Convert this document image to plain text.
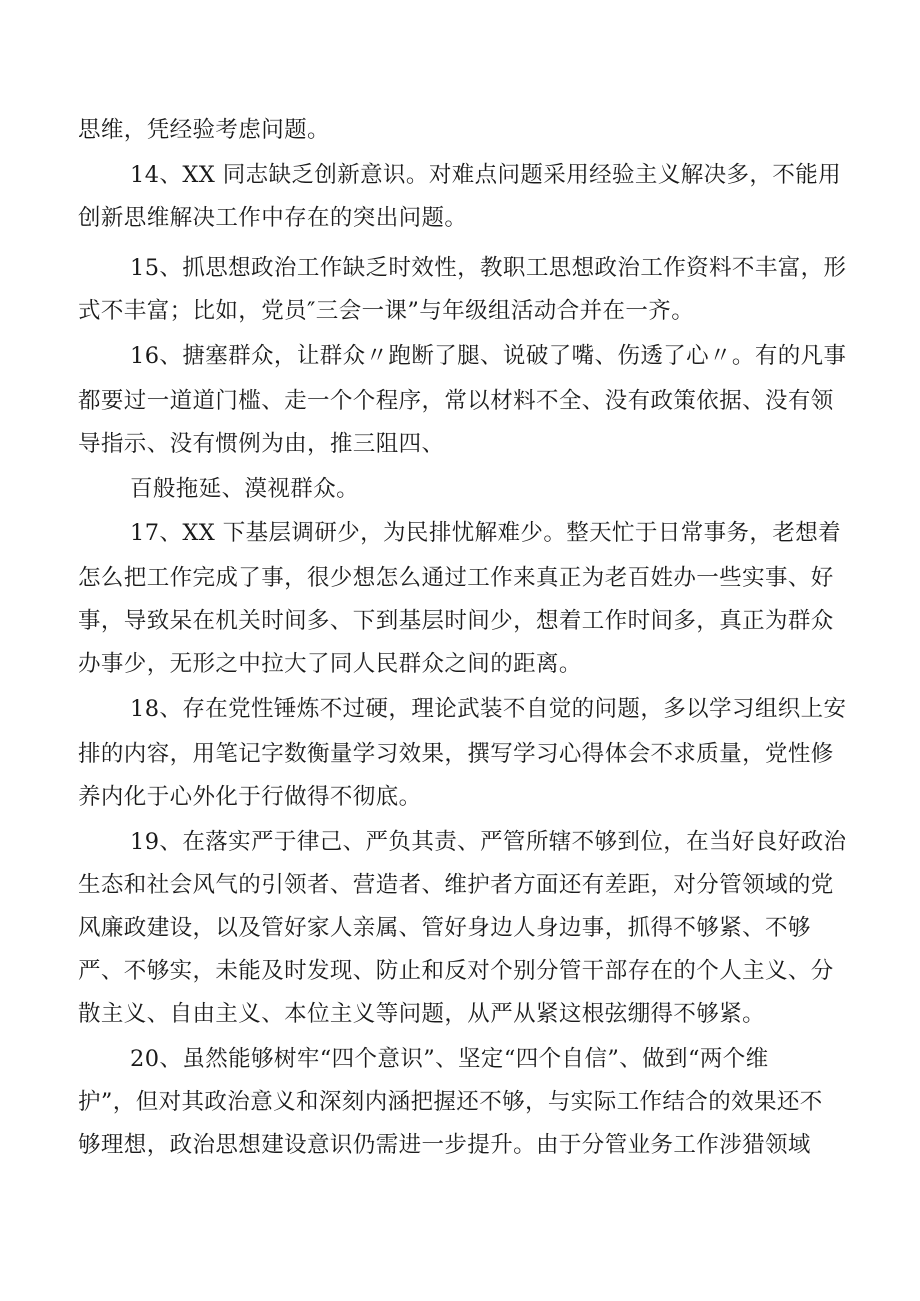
思维，凭经验考虑问题。
14、XX 同志缺乏创新意识。对难点问题采用经验主义解决多，不能用
创新思维解决工作中存在的突出问题。
15、抓思想政治工作缺乏时效性，教职工思想政治工作资料不丰富，形
式不丰富；比如，党员″三会一课”与年级组活动合并在一齐。
16、搪塞群众，让群众〃跑断了腿、说破了嘴、伤透了心〃。有的凡事
都要过一道道门槛、走一个个程序，常以材料不全、没有政策依据、没有领
导指示、没有惯例为由，推三阻四、
百般拖延、漠视群众。
17、XX 下基层调研少，为民排忧解难少。整天忙于日常事务，老想着
怎么把工作完成了事，很少想怎么通过工作来真正为老百姓办一些实事、好
事，导致呆在机关时间多、下到基层时间少，想着工作时间多，真正为群众
办事少，无形之中拉大了同人民群众之间的距离。
18、存在党性锤炼不过硬，理论武装不自觉的问题，多以学习组织上安
排的内容，用笔记字数衡量学习效果，撰写学习心得体会不求质量，党性修
养内化于心外化于行做得不彻底。
19、在落实严于律己、严负其责、严管所辖不够到位，在当好良好政治
生态和社会风气的引领者、营造者、维护者方面还有差距，对分管领域的党
风廉政建设，以及管好家人亲属、管好身边人身边事，抓得不够紧、不够
严、不够实，未能及时发现、防止和反对个别分管干部存在的个人主义、分
散主义、自由主义、本位主义等问题，从严从紧这根弦绷得不够紧。
20、虽然能够树牢“四个意识”、坚定“四个自信”、做到“两个维
护”，但对其政治意义和深刻内涵把握还不够，与实际工作结合的效果还不
够理想，政治思想建设意识仍需进一步提升。由于分管业务工作涉猎领域
